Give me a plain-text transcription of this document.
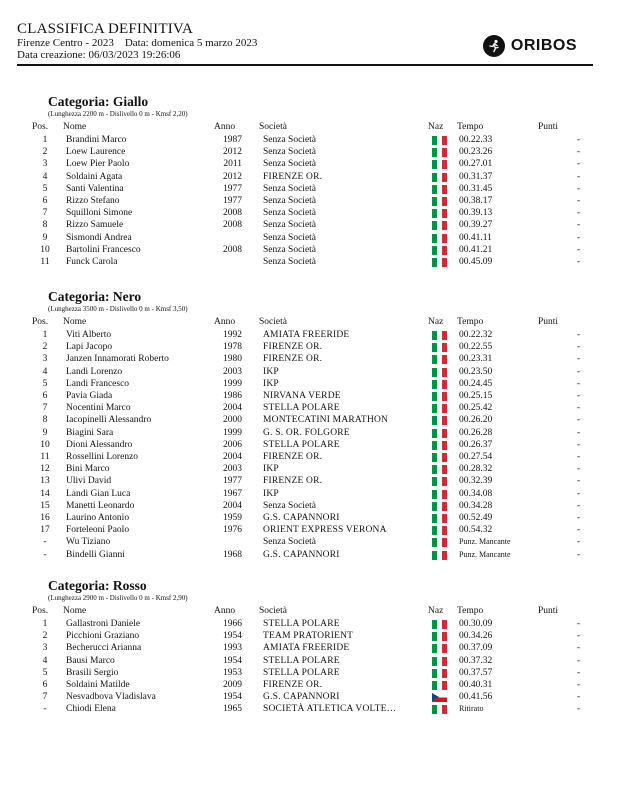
CLASSIFICA DEFINITIVA
Firenze Centro - 2023 Data: domenica 5 marzo 2023
Data creazione: 06/03/2023 19:26:06
ORIBOS
Categoria: Giallo
(Lunghezza 2200 m - Dislivello 0 m - Kmsf 2,20)
Pos. Nome	Anno	Società	Naz Tempo	Punti
1	Brandini Marco	1987 Senza Società	00.22.33	-
2	Loew Laurence	2012 Senza Società	00.23.26	-
3	Loew Pier Paolo	2011 Senza Società	00.27.01	-
4	Soldaini Agata	2012 FIRENZE OR.	00.31.37	-
5	Santi Valentina	1977 Senza Società	00.31.45	-
6	Rizzo Stefano	1977 Senza Società	00.38.17	-
7	Squilloni Simone	2008 Senza Società	00.39.13	-
8	Rizzo Samuele	2008 Senza Società	00.39.27	-
9	Sismondi Andrea	Senza Società	00.41.11	-
10	Bartolini Francesco	2008 Senza Società	00.41.21	-
11	Funck Carola	Senza Società	00.45.09	-
Categoria: Nero
(Lunghezza 3500 m - Dislivello 0 m - Kmsf 3,50)
Pos. Nome	Anno	Società	Naz Tempo	Punti
1	Viti Alberto	1992 AMIATA FREERIDE	00.22.32	-
2	Lapi Jacopo	1978 FIRENZE OR.	00.22.55	-
3	Janzen Innamorati Roberto	1980 FIRENZE OR.	00.23.31	-
4	Landi Lorenzo	2003 IKP	00.23.50	-
5	Landi Francesco	1999 IKP	00.24.45	-
6	Pavia Giada	1986 NIRVANA VERDE	00.25.15	-
7	Nocentini Marco	2004 STELLA POLARE	00.25.42	-
8	Iacopinelli Alessandro	2000 MONTECATINI MARATHON	00.26.20	-
9	Biagini Sara	1999 G. S. OR. FOLGORE	00.26.28	-
10	Dioni Alessandro	2006 STELLA POLARE	00.26.37	-
11	Rossellini Lorenzo	2004 FIRENZE OR.	00.27.54	-
12	Bini Marco	2003 IKP	00.28.32	-
13	Ulivi David	1977 FIRENZE OR.	00.32.39	-
14	Landi Gian Luca	1967 IKP	00.34.08	-
15	Manetti Leonardo	2004 Senza Società	00.34.28	-
16	Laurino Antonio	1959 G.S. CAPANNORI	00.52.49	-
17	Forteleoni Paolo	1976 ORIENT EXPRESS VERONA	00.54.32	-
-	Wu Tiziano	Senza Società	Punz. Mancante	-
-	Bindelli Gianni	1968 G.S. CAPANNORI	Punz. Mancante	-
Categoria: Rosso
(Lunghezza 2900 m - Dislivello 0 m - Kmsf 2,90)
Pos. Nome	Anno	Società	Naz Tempo	Punti
1	Gallastroni Daniele	1966 STELLA POLARE	00.30.09	-
2	Picchioni Graziano	1954 TEAM PRATORIENT	00.34.26	-
3	Becherucci Arianna	1993 AMIATA FREERIDE	00.37.09	-
4	Bausi Marco	1954 STELLA POLARE	00.37.32	-
5	Brasili Sergio	1953 STELLA POLARE	00.37.57	-
6	Soldaini Matilde	2009 FIRENZE OR.	00.40.31	-
7	Nesvadbova Vladislava	1954 G.S. CAPANNORI	00.41.56	-
-	Chiodi Elena	1965 SOCIETÀ ATLETICA VOLTE…	Ritirato	-
